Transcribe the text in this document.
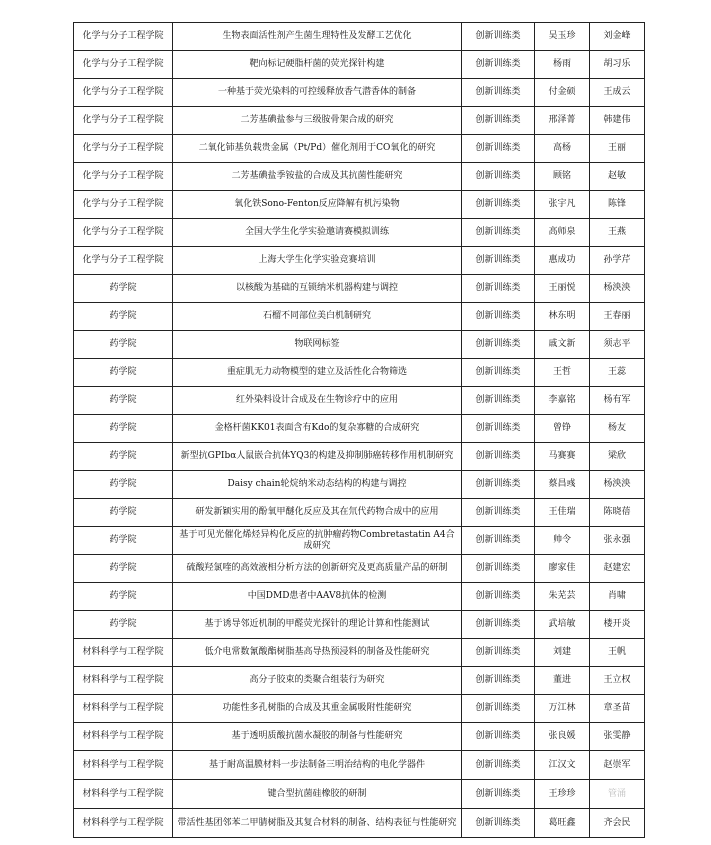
化学与分子工程学院	生物表面活性剂产生菌生理特性及发酵工艺优化	创新训练类	吴玉珍	刘金峰
化学与分子工程学院	靶向标记硬脂杆菌的荧光探针构建	创新训练类	杨雨	胡习乐
化学与分子工程学院	一种基于荧光染料的可控缓释放香气潜香体的制备	创新训练类	付金硕	王成云
化学与分子工程学院	二芳基碘盐参与三级胺骨架合成的研究	创新训练类	邢泽菁	韩建伟
化学与分子工程学院	二氧化铈基负载贵金属（Pt/Pd）催化剂用于CO氧化的研究	创新训练类	高杨	王丽
化学与分子工程学院	二芳基碘盐季铵盐的合成及其抗菌性能研究	创新训练类	顾铭	赵敏
化学与分子工程学院	氧化铁Sono-Fenton反应降解有机污染物	创新训练类	张宇凡	陈锋
化学与分子工程学院	全国大学生化学实验邀请赛模拟训练	创新训练类	高师泉	王燕
化学与分子工程学院	上海大学生化学实验竞赛培训	创新训练类	惠成功	孙学芹
药学院	以核酸为基础的互锁纳米机器构建与调控	创新训练类	王丽悦	杨泱泱
药学院	石榴不同部位美白机制研究	创新训练类	林东明	王春丽
药学院	物联网标签	创新训练类	戚文新	须志平
药学院	重症肌无力动物模型的建立及活性化合物筛选	创新训练类	王哲	王蕊
药学院	红外染料设计合成及在生物诊疗中的应用	创新训练类	李嘉铭	杨有军
药学院	金格杆菌KK01表面含有Kdo的复杂寡糖的合成研究	创新训练类	曾铮	杨友
药学院	新型抗GPIbα人鼠嵌合抗体YQ3的构建及抑制肺癌转移作用机制研究	创新训练类	马赛赛	梁欣
药学院	Daisy chain轮烷纳米动态结构的构建与调控	创新训练类	蔡昌彧	杨泱泱
药学院	研发新颖实用的酚氧甲醚化反应及其在氘代药物合成中的应用	创新训练类	王佳瑞	陈晓蓓
药学院	基于可见光催化烯烃异构化反应的抗肿瘤药物Combretastatin A4合成研究	创新训练类	帅令	张永强
药学院	硫酸羟氯喹的高效液相分析方法的创新研究及更高质量产品的研制	创新训练类	廖家佳	赵建宏
药学院	中国DMD患者中AAV8抗体的检测	创新训练类	朱芜芸	肖啸
药学院	基于诱导邻近机制的甲醛荧光探针的理论计算和性能测试	创新训练类	武培敏	楼开炎
材料科学与工程学院	低介电常数氰酸酯树脂基高导热预浸料的制备及性能研究	创新训练类	刘建	王帆
材料科学与工程学院	高分子胶束的类聚合组装行为研究	创新训练类	董进	王立权
材料科学与工程学院	功能性多孔树脂的合成及其重金属吸附性能研究	创新训练类	万江林	章圣苗
材料科学与工程学院	基于透明质酸抗菌水凝胶的制备与性能研究	创新训练类	张良媛	张雯静
材料科学与工程学院	基于耐高温膜材料一步法制备三明治结构的电化学器件	创新训练类	江汉文	赵崇军
材料科学与工程学院	键合型抗菌硅橡胶的研制	创新训练类	王珍珍	管涌
材料科学与工程学院	带活性基团邻苯二甲腈树脂及其复合材料的制备、结构表征与性能研究	创新训练类	葛旺鑫	齐会民
